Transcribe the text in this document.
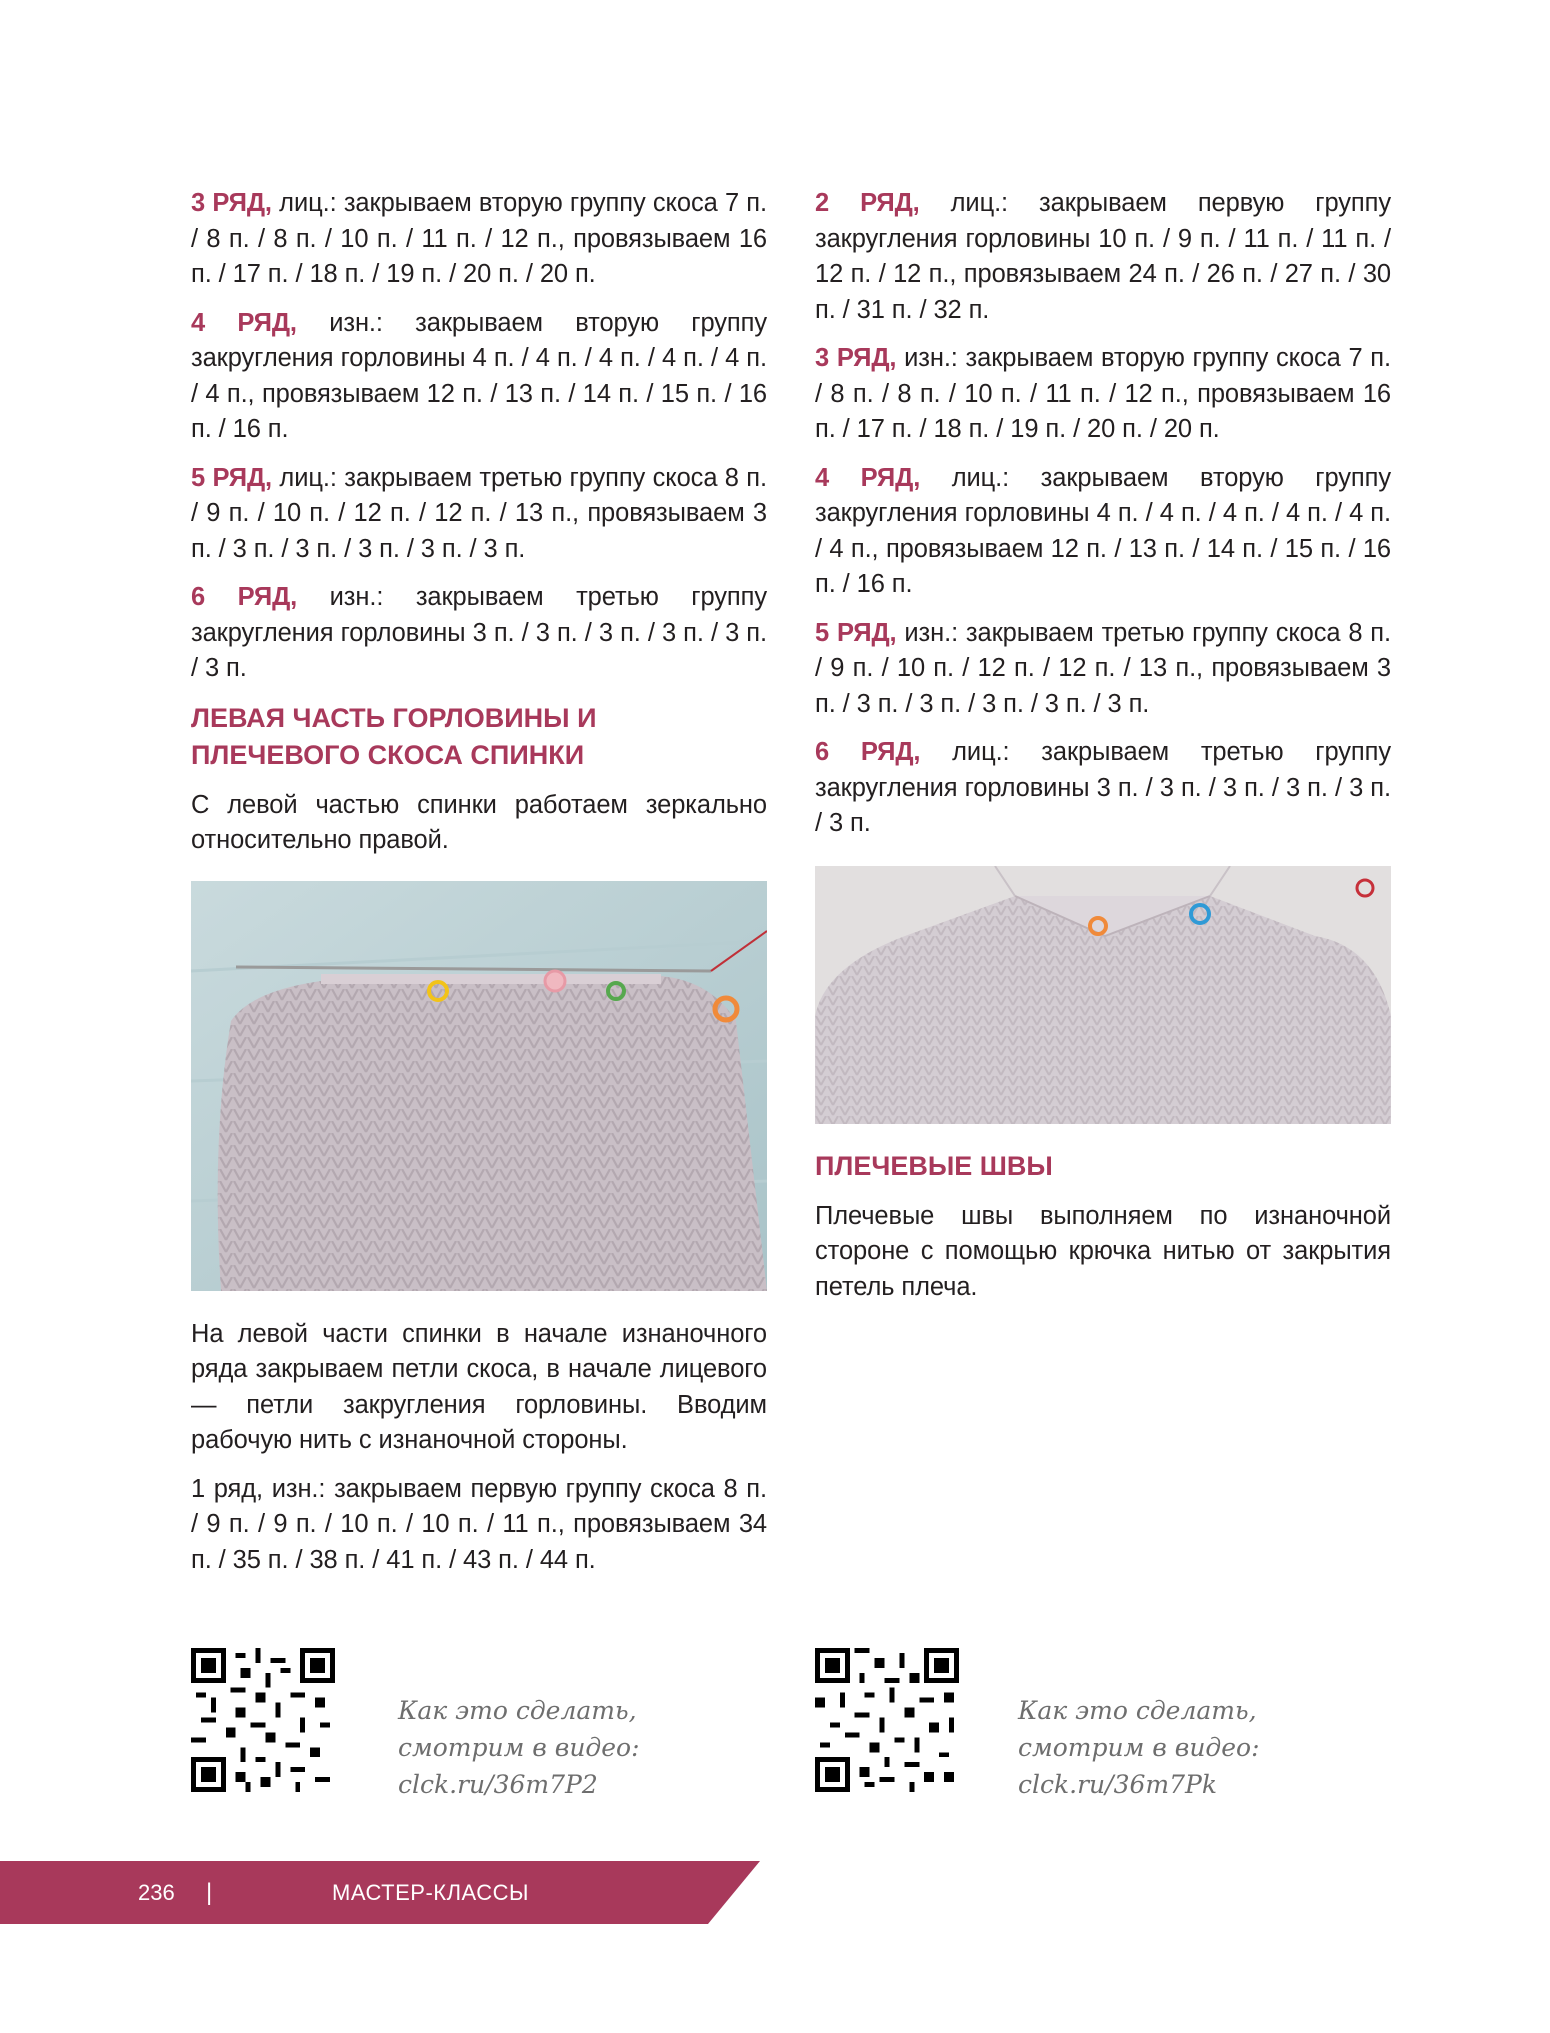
3 РЯД, лиц.: закрываем вторую группу скоса 7 п. / 8 п. / 8 п. / 10 п. / 11 п. / 12 п., провязываем 16 п. / 17 п. / 18 п. / 19 п. / 20 п. / 20 п.

4 РЯД, изн.: закрываем вторую группу закругления горловины 4 п. / 4 п. / 4 п. / 4 п. / 4 п. / 4 п., провязываем 12 п. / 13 п. / 14 п. / 15 п. / 16 п. / 16 п.

5 РЯД, лиц.: закрываем третью группу скоса 8 п. / 9 п. / 10 п. / 12 п. / 12 п. / 13 п., провязываем 3 п. / 3 п. / 3 п. / 3 п. / 3 п. / 3 п.

6 РЯД, изн.: закрываем третью группу закругления горловины 3 п. / 3 п. / 3 п. / 3 п. / 3 п. / 3 п.

ЛЕВАЯ ЧАСТЬ ГОРЛОВИНЫ И ПЛЕЧЕВОГО СКОСА СПИНКИ

С левой частью спинки работаем зеркально относительно правой.

На левой части спинки в начале изнаночного ряда закрываем петли скоса, в начале лицевого — петли закругления горловины. Вводим рабочую нить с изнаночной стороны.

1 ряд, изн.: закрываем первую группу скоса 8 п. / 9 п. / 9 п. / 10 п. / 10 п. / 11 п., провязываем 34 п. / 35 п. / 38 п. / 41 п. / 43 п. / 44 п.

2 РЯД, лиц.: закрываем первую группу закругления горловины 10 п. / 9 п. / 11 п. / 11 п. / 12 п. / 12 п., провязываем 24 п. / 26 п. / 27 п. / 30 п. / 31 п. / 32 п.

3 РЯД, изн.: закрываем вторую группу скоса 7 п. / 8 п. / 8 п. / 10 п. / 11 п. / 12 п., провязываем 16 п. / 17 п. / 18 п. / 19 п. / 20 п. / 20 п.

4 РЯД, лиц.: закрываем вторую группу закругления горловины 4 п. / 4 п. / 4 п. / 4 п. / 4 п. / 4 п., провязываем 12 п. / 13 п. / 14 п. / 15 п. / 16 п. / 16 п.

5 РЯД, изн.: закрываем третью группу скоса 8 п. / 9 п. / 10 п. / 12 п. / 12 п. / 13 п., провязываем 3 п. / 3 п. / 3 п. / 3 п. / 3 п. / 3 п.

6 РЯД, лиц.: закрываем третью группу закругления горловины 3 п. / 3 п. / 3 п. / 3 п. / 3 п. / 3 п.

ПЛЕЧЕВЫЕ ШВЫ

Плечевые швы выполняем по изнаночной стороне с помощью крючка нитью от закрытия петель плеча.

Как это сделать,
смотрим в видео:
clck.ru/36m7P2
Как это сделать,
смотрим в видео:
clck.ru/36m7Pk
236 |	МАСТЕР-КЛАССЫ
